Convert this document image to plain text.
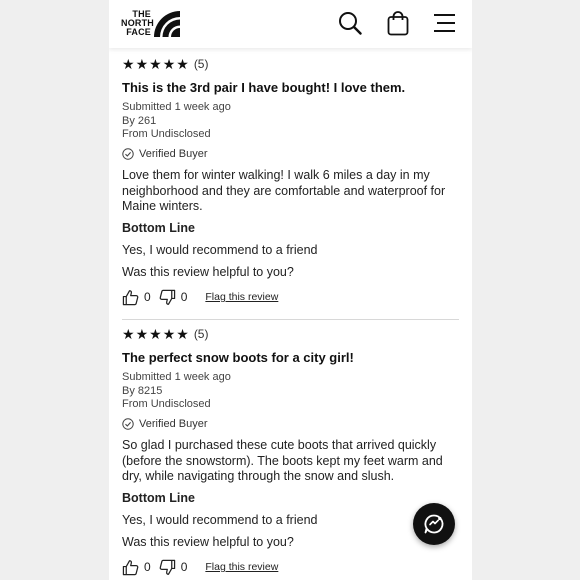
THE
NORTH
FACE
★ ★ ★ ★ ★ (5)
This is the 3rd pair I have bought! I love them.
Submitted 1 week ago
By 261
From Undisclosed
Verified Buyer
Love them for winter walking! I walk 6 miles a day in my neighborhood and they are comfortable and waterproof for Maine winters.
Bottom Line
Yes, I would recommend to a friend
Was this review helpful to you?
0	0 Flag this review
★ ★ ★ ★ ★ (5)
The perfect snow boots for a city girl!
Submitted 1 week ago
By 8215
From Undisclosed
Verified Buyer
So glad I purchased these cute boots that arrived quickly (before the snowstorm). The boots kept my feet warm and dry, while navigating through the snow and slush.
Bottom Line
Yes, I would recommend to a friend
Was this review helpful to you?
0	0 Flag this review
